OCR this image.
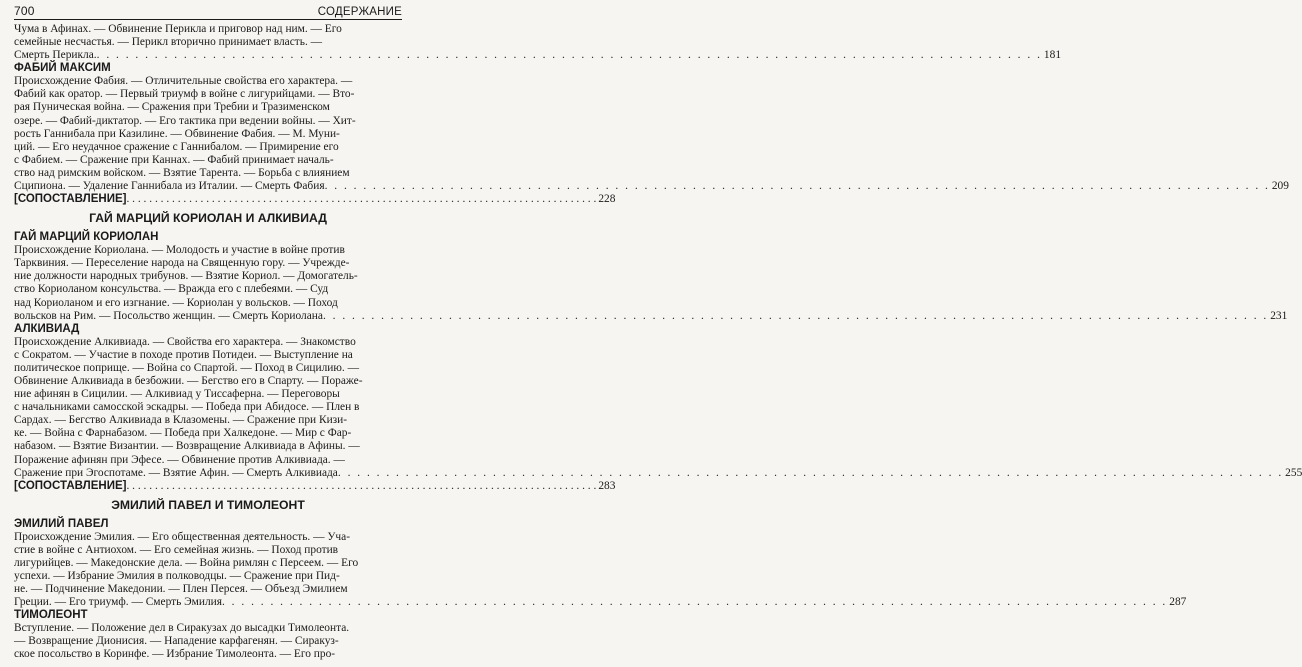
700	СОДЕРЖАНИЕ
Чума в Афинах. — Обвинение Перикла и приговор над ним. — Его
семейные несчастья. — Перикл вторично принимает власть. —
Смерть Перикла. . . .	181
ФАБИЙ МАКСИМ
Происхождение Фабия. — Отличительные свойства его характера. —
Фабий как оратор. — Первый триумф в войне с лигурийцами. — Вто-
рая Пуническая война. — Сражения при Требии и Тразименском
озере. — Фабий-диктатор. — Его тактика при ведении войны. — Хит-
рость Ганнибала при Казилине. — Обвинение Фабия. — М. Муни-
ций. — Его неудачное сражение с Ганнибалом. — Примирение его
с Фабием. — Сражение при Каннах. — Фабий принимает началь-
ство над римским войском. — Взятие Тарента. — Борьба с влиянием
Сципиона. — Удаление Ганнибала из Италии. — Смерть Фабия . . .	209
[СОПОСТАВЛЕНИЕ] . . .	228
ГАЙ МАРЦИЙ КОРИОЛАН И АЛКИВИАД
ГАЙ МАРЦИЙ КОРИОЛАН
Происхождение Кориолана. — Молодость и участие в войне против
Тарквиния. — Переселение народа на Священную гору. — Учрежде-
ние должности народных трибунов. — Взятие Кориол. — Домогатель-
ство Кориоланом консульства. — Вражда его с плебеями. — Суд
над Кориоланом и его изгнание. — Кориолан у вольсков. — Поход
вольсков на Рим. — Посольство женщин. — Смерть Кориолана . . .	231
АЛКИВИАД
Происхождение Алкивиада. — Свойства его характера. — Знакомство
с Сократом. — Участие в походе против Потидеи. — Выступление на
политическое поприще. — Война со Спартой. — Поход в Сицилию. —
Обвинение Алкивиада в безбожии. — Бегство его в Спарту. — Пораже-
ние афинян в Сицилии. — Алкивиад у Тиссаферна. — Переговоры
с начальниками самосской эскадры. — Победа при Абидосе. — Плен в
Сардах. — Бегство Алкивиада в Клазомены. — Сражение при Кизи-
ке. — Война с Фарнабазом. — Победа при Халкедоне. — Мир с Фар-
набазом. — Взятие Византии. — Возвращение Алкивиада в Афины. —
Поражение афинян при Эфесе. — Обвинение против Алкивиада. —
Сражение при Эгоспотаме. — Взятие Афин. — Смерть Алкивиада . . .	255
[СОПОСТАВЛЕНИЕ] . . .	283
ЭМИЛИЙ ПАВЕЛ И ТИМОЛЕОНТ
ЭМИЛИЙ ПАВЕЛ
Происхождение Эмилия. — Его общественная деятельность. — Уча-
стие в войне с Антиохом. — Его семейная жизнь. — Поход против
лигурийцев. — Македонские дела. — Война римлян с Персеем. — Его
успехи. — Избрание Эмилия в полководцы. — Сражение при Пид-
не. — Подчинение Македонии. — Плен Персея. — Объезд Эмилием
Греции. — Его триумф. — Смерть Эмилия . . .	287
ТИМОЛЕОНТ
Вступление. — Положение дел в Сиракузах до высадки Тимолеонта.
— Возвращение Дионисия. — Нападение карфагенян. — Сиракуз-
ское посольство в Коринфе. — Избрание Тимолеонта. — Его про-
